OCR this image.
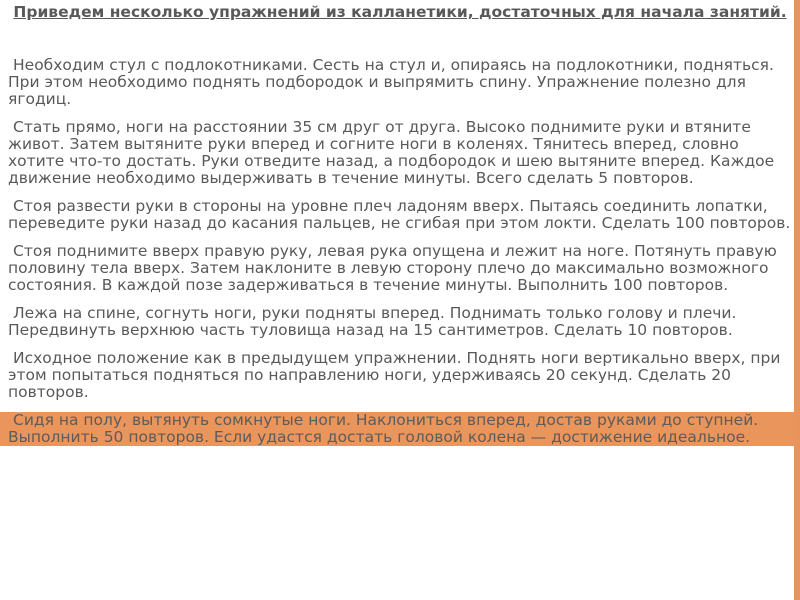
Приведем несколько упражнений из калланетики, достаточных для начала занятий.

Необходим стул с подлокотниками. Сесть на стул и, опираясь на подлокотники, подняться. При этом необходимо поднять подбородок и выпрямить спину. Упражнение полезно для ягодиц.

Стать прямо, ноги на расстоянии 35 см друг от друга. Высоко поднимите руки и втяните живот. Затем вытяните руки вперед и согните ноги в коленях. Тянитесь вперед, словно хотите что-то достать. Руки отведите назад, а подбородок и шею вытяните вперед. Каждое движение необходимо выдерживать в течение минуты. Всего сделать 5 повторов.

Стоя развести руки в стороны на уровне плеч ладоням вверх. Пытаясь соединить лопатки, переведите руки назад до касания пальцев, не сгибая при этом локти. Сделать 100 повторов.

Стоя поднимите вверх правую руку, левая рука опущена и лежит на ноге. Потянуть правую половину тела вверх. Затем наклоните в левую сторону плечо до максимально возможного состояния. В каждой позе задерживаться в течение минуты. Выполнить 100 повторов.

Лежа на спине, согнуть ноги, руки подняты вперед. Поднимать только голову и плечи. Передвинуть верхнюю часть туловища назад на 15 сантиметров. Сделать 10 повторов.

Исходное положение как в предыдущем упражнении. Поднять ноги вертикально вверх, при этом попытаться подняться по направлению ноги, удерживаясь 20 секунд. Сделать 20 повторов.

Сидя на полу, вытянуть сомкнутые ноги. Наклониться вперед, достав руками до ступней. Выполнить 50 повторов. Если удастся достать головой колена — достижение идеальное.
